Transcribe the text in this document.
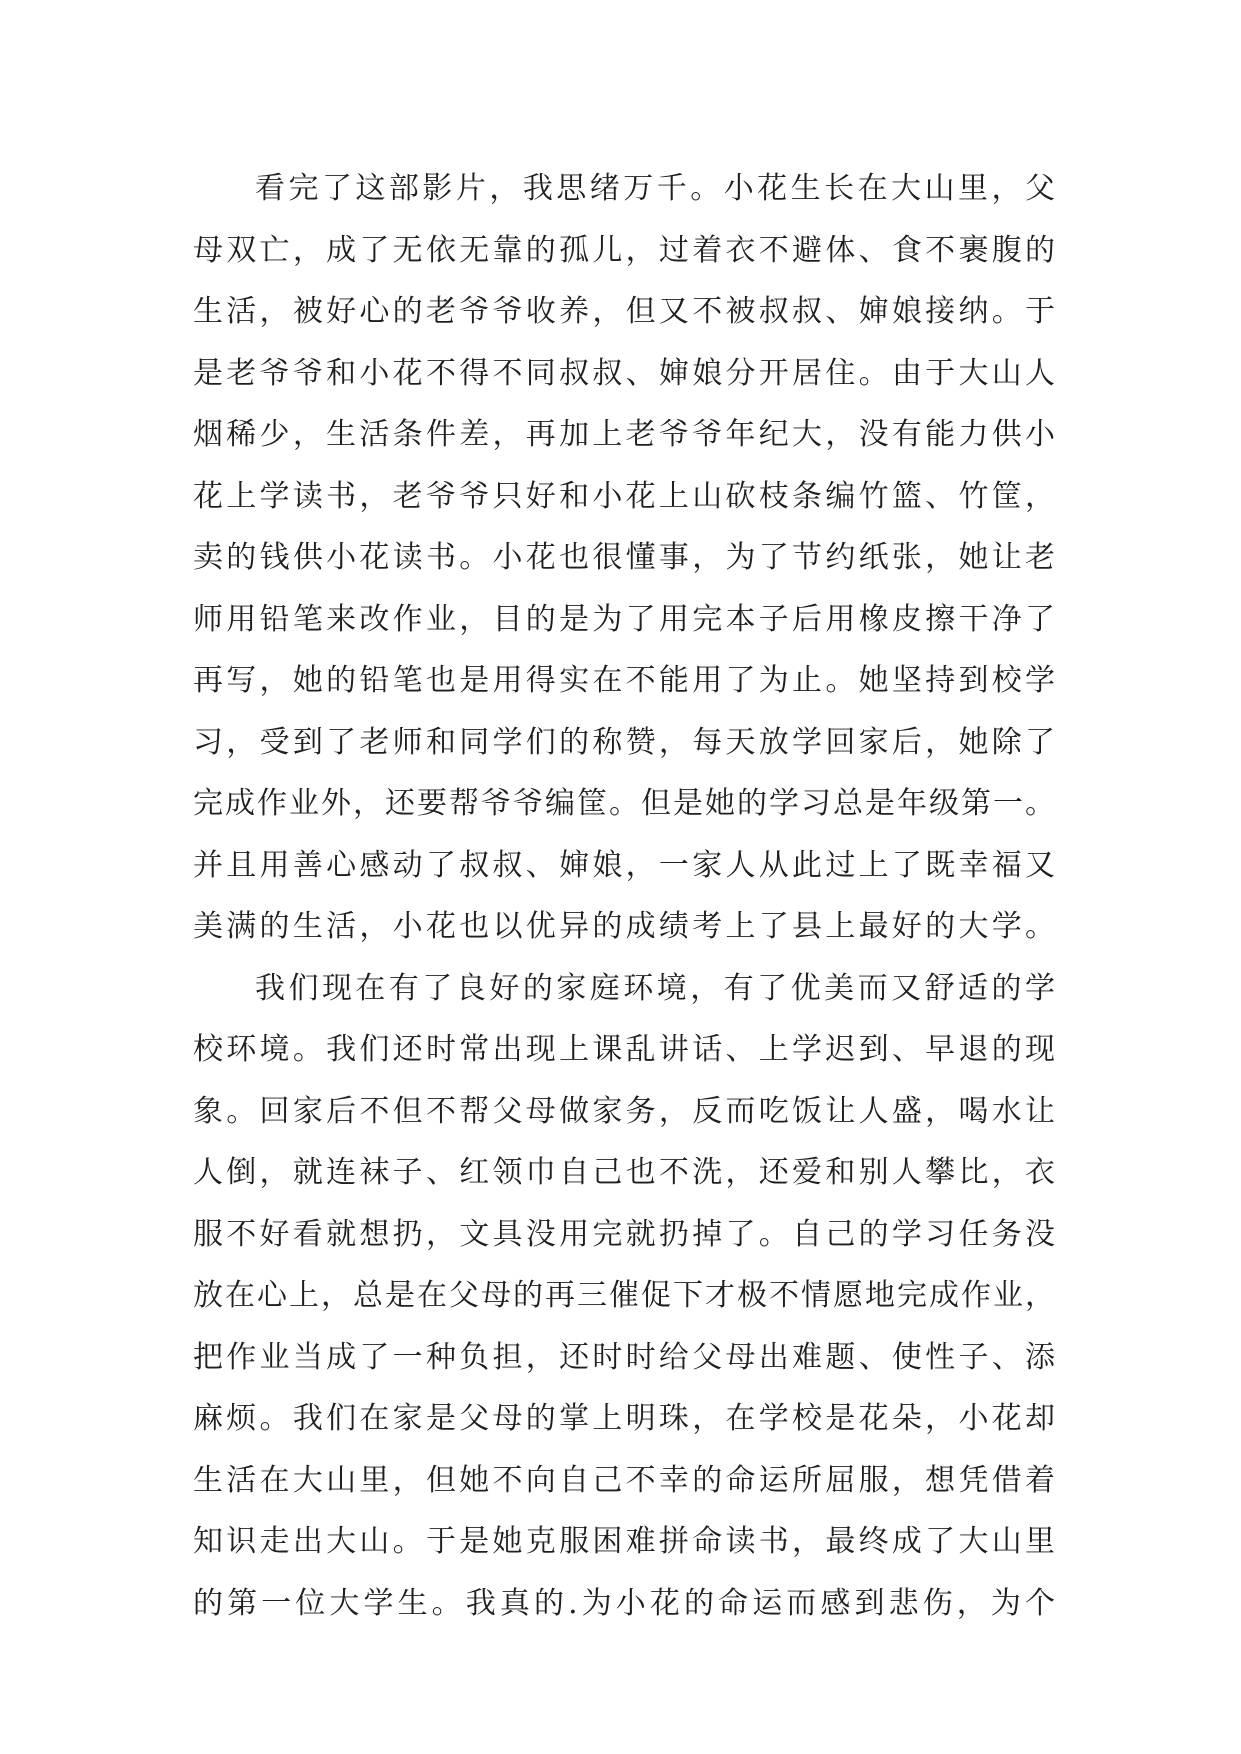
看完了这部影片，我思绪万千。小花生长在大山里，父
母双亡，成了无依无靠的孤儿，过着衣不避体、食不裹腹的
生活，被好心的老爷爷收养，但又不被叔叔、婶娘接纳。于
是老爷爷和小花不得不同叔叔、婶娘分开居住。由于大山人
烟稀少，生活条件差，再加上老爷爷年纪大，没有能力供小
花上学读书，老爷爷只好和小花上山砍枝条编竹篮、竹筐，
卖的钱供小花读书。小花也很懂事，为了节约纸张，她让老
师用铅笔来改作业，目的是为了用完本子后用橡皮擦干净了
再写，她的铅笔也是用得实在不能用了为止。她坚持到校学
习，受到了老师和同学们的称赞，每天放学回家后，她除了
完成作业外，还要帮爷爷编筐。但是她的学习总是年级第一。
并且用善心感动了叔叔、婶娘，一家人从此过上了既幸福又
美满的生活，小花也以优异的成绩考上了县上最好的大学。
我们现在有了良好的家庭环境，有了优美而又舒适的学
校环境。我们还时常出现上课乱讲话、上学迟到、早退的现
象。回家后不但不帮父母做家务，反而吃饭让人盛，喝水让
人倒，就连袜子、红领巾自己也不洗，还爱和别人攀比，衣
服不好看就想扔，文具没用完就扔掉了。自己的学习任务没
放在心上，总是在父母的再三催促下才极不情愿地完成作业，
把作业当成了一种负担，还时时给父母出难题、使性子、添
麻烦。我们在家是父母的掌上明珠，在学校是花朵，小花却
生活在大山里，但她不向自己不幸的命运所屈服，想凭借着
知识走出大山。于是她克服困难拼命读书，最终成了大山里
的第一位大学生。我真的.为小花的命运而感到悲伤，为个
